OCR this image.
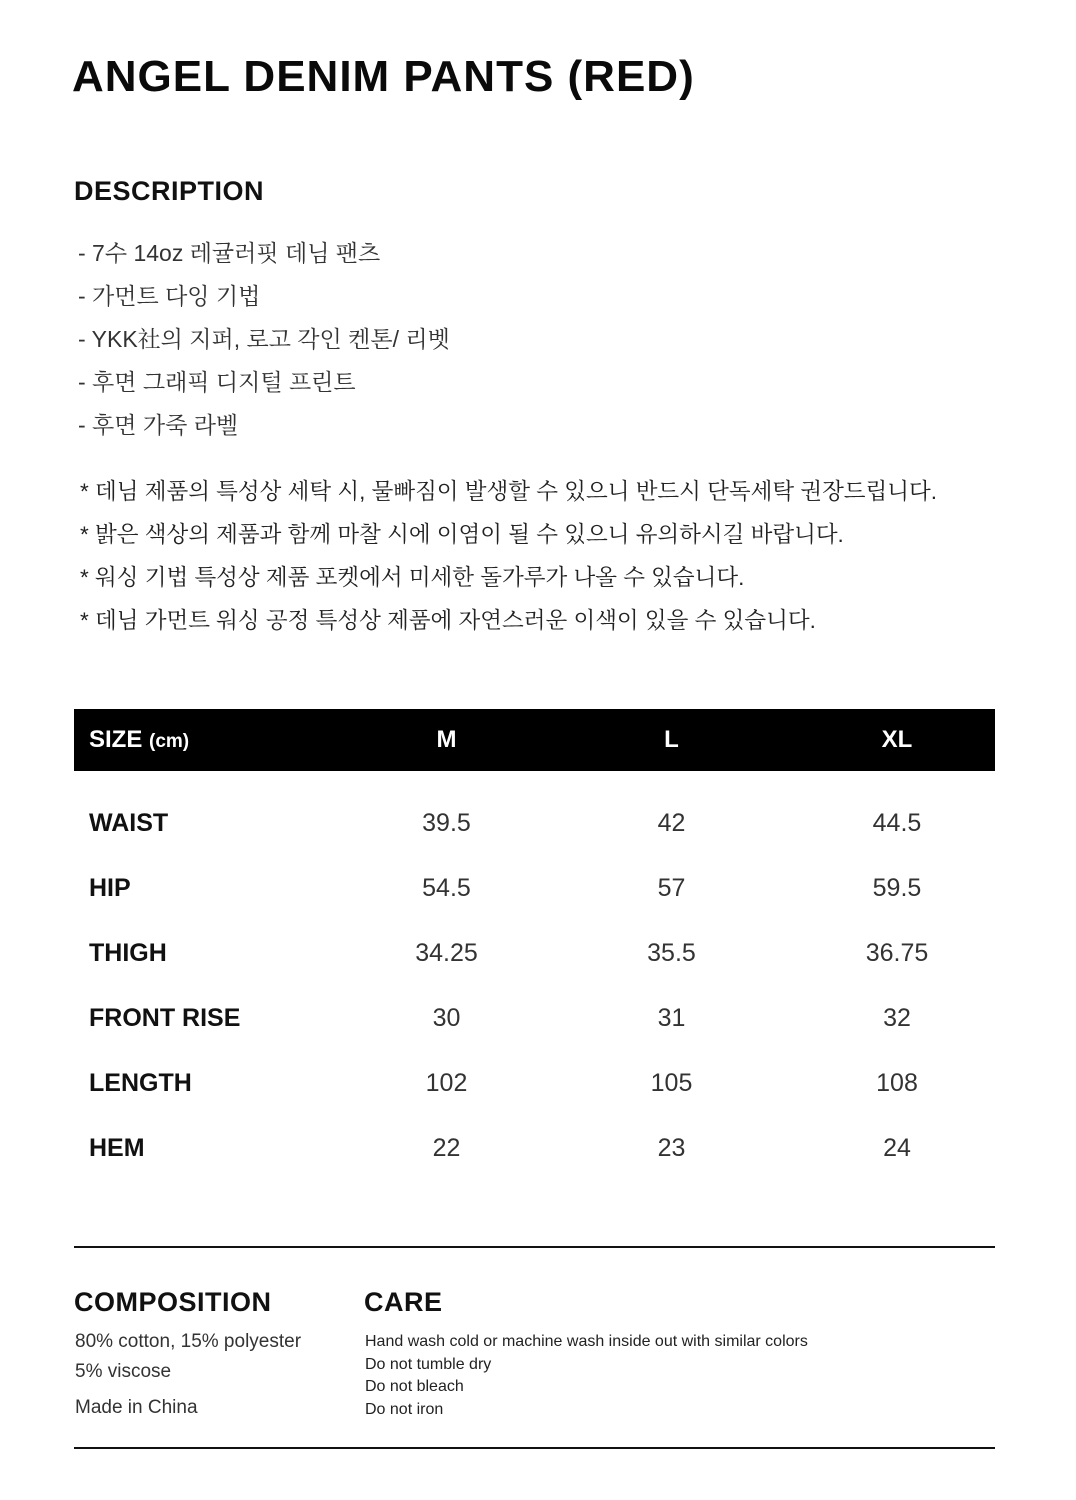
ANGEL DENIM PANTS (RED)
DESCRIPTION
- 7수 14oz 레귤러핏 데님 팬츠
- 가먼트 다잉 기법
- YKK社의 지퍼, 로고 각인 켄톤/ 리벳
- 후면 그래픽 디지털 프린트
- 후면 가죽 라벨
* 데님 제품의 특성상 세탁 시, 물빠짐이 발생할 수 있으니 반드시 단독세탁 권장드립니다.
* 밝은 색상의 제품과 함께 마찰 시에 이염이 될 수 있으니 유의하시길 바랍니다.
* 워싱 기법 특성상 제품 포켓에서 미세한 돌가루가 나올 수 있습니다.
* 데님 가먼트 워싱 공정 특성상 제품에 자연스러운 이색이 있을 수 있습니다.
SIZE (cm)	M	L	XL

WAIST	39.5	42	44.5
HIP	54.5	57	59.5
THIGH	34.25	35.5	36.75
FRONT RISE	30	31	32
LENGTH	102	105	108
HEM	22	23	24
COMPOSITION
80% cotton, 15% polyester
5% viscose
Made in China
CARE
Hand wash cold or machine wash inside out with similar colors
Do not tumble dry
Do not bleach
Do not iron
